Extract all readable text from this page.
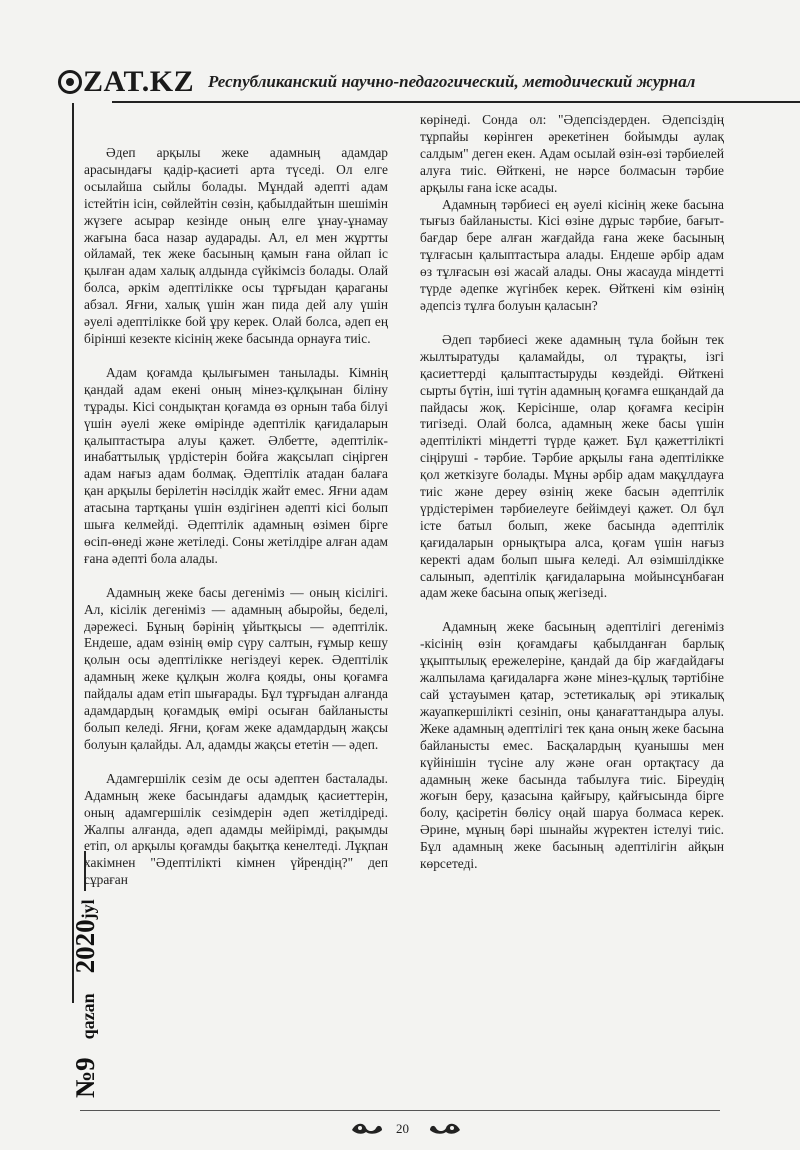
ZAT.KZ Республиканский научно-педагогический, методический журнал
№9qazan2020jyl

Әдеп арқылы жеке адамның адамдар арасындағы қадір-қасиеті арта түседі. Ол елге осылайша сыйлы болады. Мұндай әдепті адам істейтін ісін, сөйлейтін сөзін, қабылдайтын шешімін жүзеге асырар кезінде оның елге ұнау-ұнамау жағына баса назар аударады. Ал, ел мен жұртты ойламай, тек жеке басының қамын ғана ойлап іс қылған адам халық алдында сүйкімсіз болады. Олай болса, әркім әдептілікке осы тұрғыдан қараганы абзал. Яғни, халық үшін жан пида дей алу үшін әуелі әдептілікке бой ұру керек. Олай болса, әдеп ең бірінші кезекте кісінің жеке басында орнауға тиіс.

Адам қоғамда қылығымен танылады. Кімнің қандай адам екені оның мінез-құлқынан біліну тұрады. Кісі сондықтан қоғамда өз орнын таба білуі үшін әуелі жеке өмірінде әдептілік қағидаларын қалыптастыра алуы қажет. Әлбетте, әдептілік-инабаттылық үрдістерін бойға жақсылап сіңірген адам нағыз адам болмақ. Әдептілік атадан балаға қан арқылы берілетін нәсілдік жайт емес. Яғни адам атасына тартқаны үшін өздігінен әдепті кісі болып шыға келмейді. Әдептілік адамның өзімен бірге өсіп-өнеді және жетіледі. Соны жетілдіре алған адам ғана әдепті бола алады.

Адамның жеке басы дегеніміз — оның кісілігі. Ал, кісілік дегеніміз — адамның абыройы, беделі, дәрежесі. Бұның бәрінің ұйытқысы — әдептілік. Ендеше, адам өзінің өмір сүру салтын, ғұмыр кешу қолын осы әдептілікке негіздеуі керек. Әдептілік адамның жеке құлқын жолға қояды, оны қоғамға пайдалы адам етіп шығарады. Бұл тұрғыдан алғанда адамдардың қоғамдық өмірі осыған байланысты болып келеді. Яғни, қоғам жеке адамдардың жақсы болуын қалайды. Ал, адамды жақсы ететін — әдеп.

Адамгершілік сезім де осы әдептен басталады. Адамның жеке басындағы адамдық қасиеттерін, оның адамгершілік сезімдерін әдеп жетілдіреді. Жалпы алғанда, әдеп адамды мейірімді, рақымды етіп, ол арқылы қоғамды бақытқа кенелтеді. Лұқпан хакімнен "Әдептілікті кімнен үйрендің?" деп сұраған

көрінеді. Сонда ол: "Әдепсіздерден. Әдепсіздің тұрпайы көрінген әрекетінен бойымды аулақ салдым" деген екен. Адам осылай өзін-өзі тәрбиелей алуға тиіс. Өйткені, не нәрсе болмасын тәрбие арқылы ғана іске асады.

Адамның тәрбиесі ең әуелі кісінің жеке басына тығыз байланысты. Кісі өзіне дұрыс тәрбие, бағыт-бағдар бере алған жағдайда ғана жеке басының тұлғасын қалыптастыра алады. Ендеше әрбір адам өз тұлғасын өзі жасай алады. Оны жасауда міндетті түрде әдепке жүгінбек керек. Өйткені кім өзінің әдепсіз тұлға болуын қаласын?

Әдеп тәрбиесі жеке адамның тұла бойын тек жылтыратуды қаламайды, ол тұрақты, ізгі қасиеттерді қалыптастыруды көздейді. Өйткені сырты бүтін, іші түтін адамның қоғамға ешқандай да пайдасы жоқ. Керісінше, олар қоғамға кесірін тигізеді. Олай болса, адамның жеке басы үшін әдептілікті міндетті түрде қажет. Бұл қажеттілікті сіңіруші - тәрбие. Тәрбие арқылы ғана әдептілікке қол жеткізуге болады. Мұны әрбір адам мақұлдауға тиіс және дереу өзінің жеке басын әдептілік үрдістерімен тәрбиелеуге бейімдеуі қажет. Ол бұл істе батыл болып, жеке басында әдептілік қағидаларын орнықтыра алса, қоғам үшін нағыз керекті адам болып шыға келеді. Ал өзімшілдікке салынып, әдептілік қағидаларына мойынсұнбаған адам жеке басына опық жегізеді.

Адамның жеке басының әдептілігі дегеніміз -кісінің өзін қоғамдағы қабылданған барлық ұқыптылық ережелеріне, қандай да бір жағдайдағы жалпылама қағидаларға және мінез-құлық тәртібіне сай ұстауымен қатар, эстетикалық әрі этикалық жауапкершілікті сезініп, оны қанағаттандыра алуы. Жеке адамның әдептілігі тек қана оның жеке басына байланысты емес. Басқалардың қуанышы мен күйінішін түсіне алу және оған ортақтасу да адамның жеке басында табылуға тиіс. Біреудің жоғын беру, қазасына қайғыру, қайғысында бірге болу, қасіретін бөлісу оңай шаруа болмаса керек. Әрине, мұның бәрі шынайы жүректен істелуі тиіс. Бұл адамның жеке басының әдептілігін айқын көрсетеді.

20
